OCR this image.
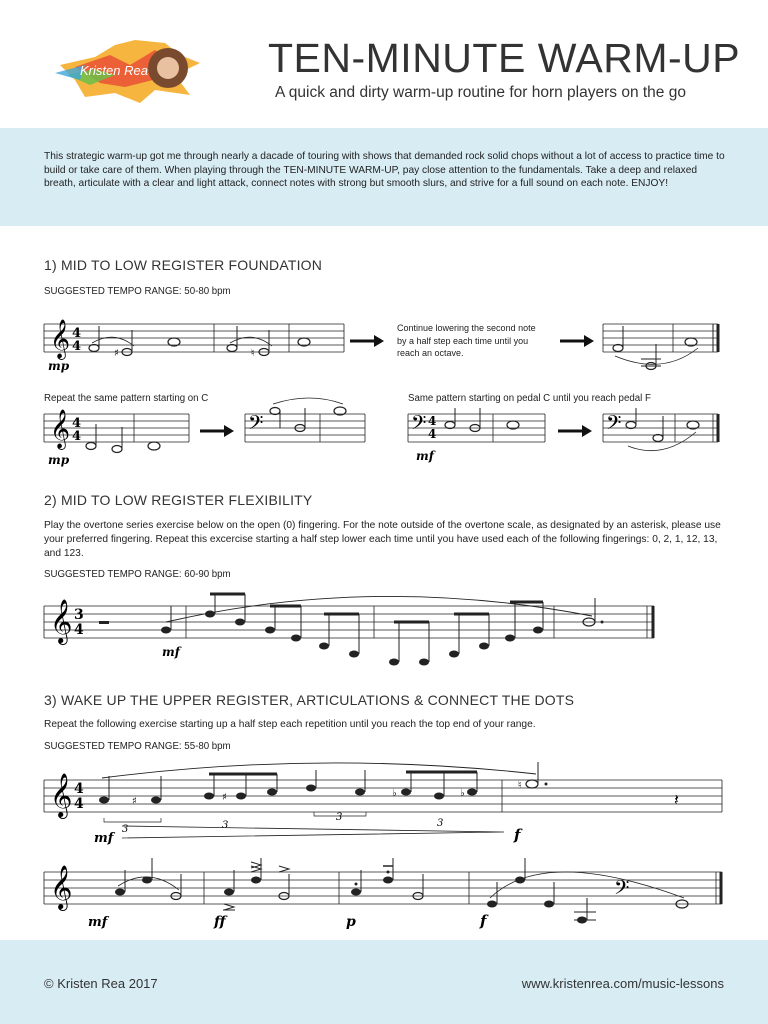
Kristen Rea	TEN-MINUTE WARM-UP
A quick and dirty warm-up routine for horn players on the go

This strategic warm-up got me through nearly a dacade of touring with shows that demanded rock solid chops without a lot of access to practice time to build or take care of them. When playing through the TEN-MINUTE WARM-UP, pay close attention to the fundamentals. Take a deep and relaxed breath, articulate with a clear and light attack, connect notes with strong but smooth slurs, and strive for a full sound on each note. ENJOY!

1) MID TO LOW REGISTER FOUNDATION
SUGGESTED TEMPO RANGE: 50-80 bpm
𝄞 4
4	♯	♮
mp
Continue lowering the second note by a half step each time until you reach an octave.
Repeat the same pattern starting on C	Same pattern starting on pedal C until you reach pedal F
𝄞 4
4
mp
𝄢	𝄢 4
4
mf
𝄢
2) MID TO LOW REGISTER FLEXIBILITY
Play the overtone series exercise below on the open (0) fingering. For the note outside of the overtone scale, as designated by an asterisk, please use your preferred fingering. Repeat this excercise starting a half step lower each time until you have used each of the following fingerings: 0, 2, 1, 12, 13, and 123.
SUGGESTED TEMPO RANGE: 60-90 bpm
𝄞 3
4
mf
3) WAKE UP THE UPPER REGISTER, ARTICULATIONS & CONNECT THE DOTS
Repeat the following exercise starting up a half step each repetition until you reach the top end of your range.
SUGGESTED TEMPO RANGE: 55-80 bpm
𝄞 4
4	𝄽
♯	♯	♭	♭
♮
3	3
3
3
mf	f
𝄞	𝄢
mf	ff	p	f
© Kristen Rea 2017	www.kristenrea.com/music-lessons
